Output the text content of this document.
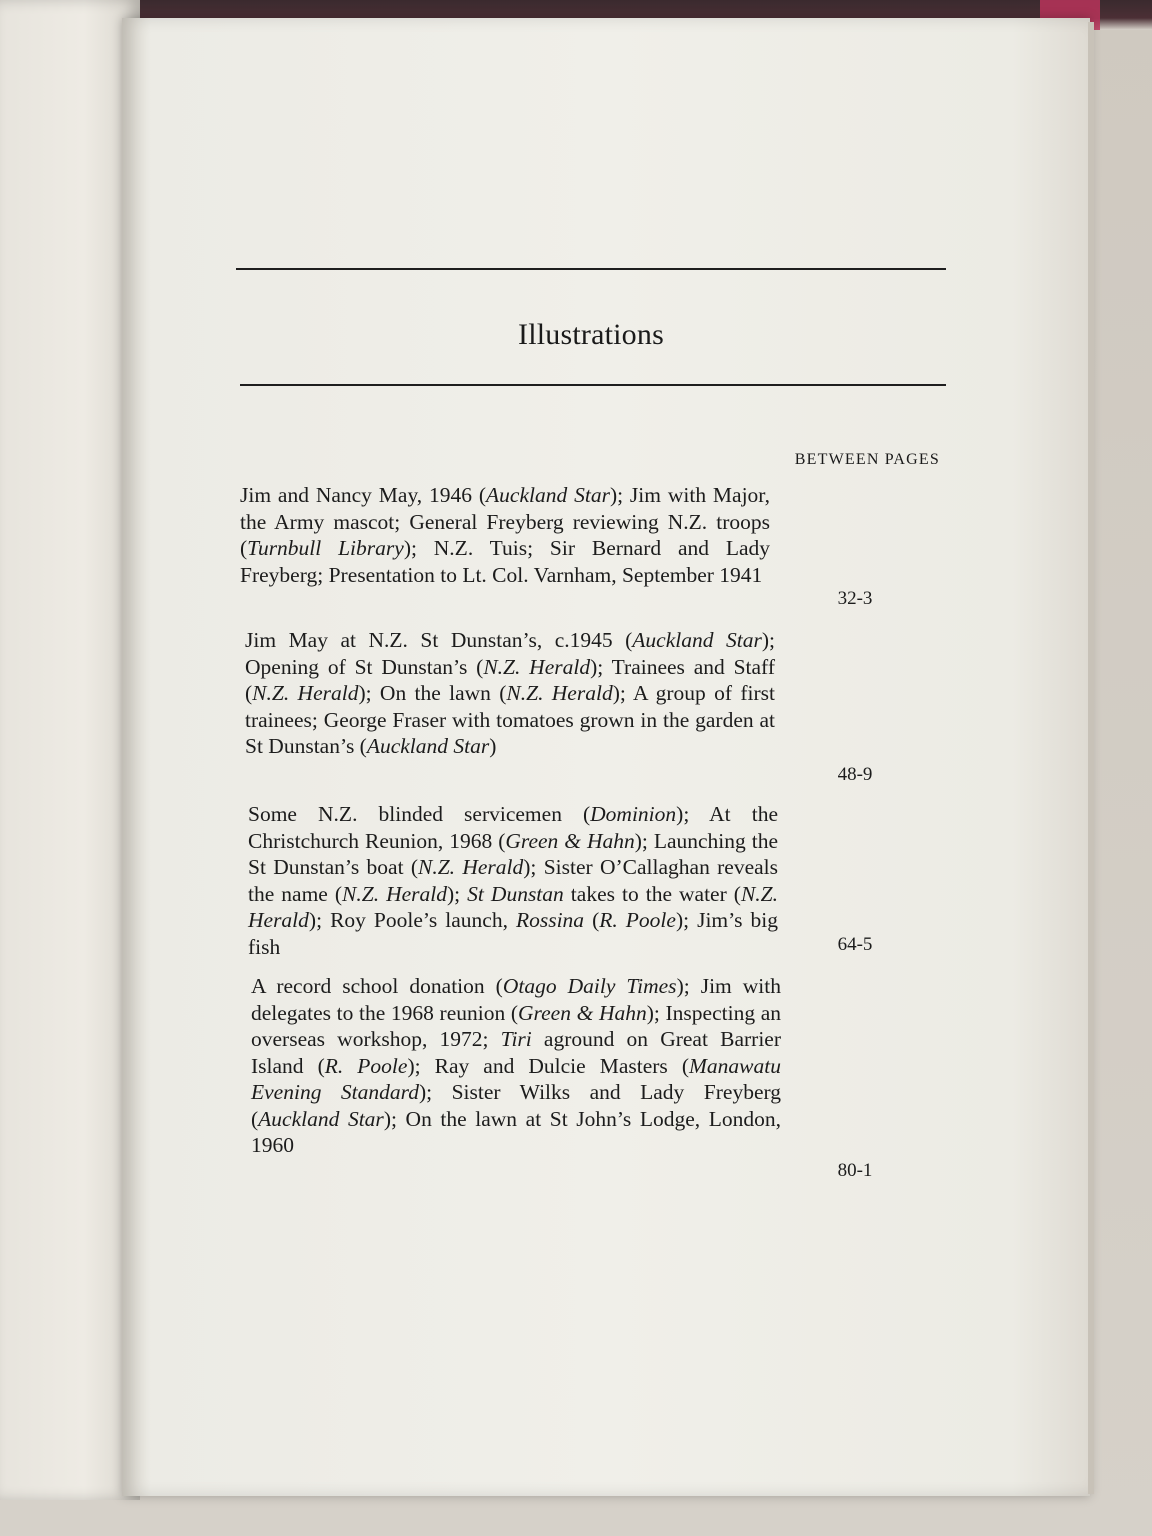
Illustrations
BETWEEN PAGES
Jim and Nancy May, 1946 (Auckland Star); Jim with Major, the Army mascot; General Freyberg reviewing N.Z. troops (Turnbull Library); N.Z. Tuis; Sir Bernard and Lady Freyberg; Presentation to Lt. Col. Varnham, September 1941
32-3
Jim May at N.Z. St Dunstan’s, c.1945 (Auckland Star); Opening of St Dunstan’s (N.Z. Herald); Trainees and Staff (N.Z. Herald); On the lawn (N.Z. Herald); A group of first trainees; George Fraser with tomatoes grown in the garden at St Dunstan’s (Auckland Star)
48-9
Some N.Z. blinded servicemen (Dominion); At the Christchurch Reunion, 1968 (Green & Hahn); Launching the St Dunstan’s boat (N.Z. Herald); Sister O’Callaghan reveals the name (N.Z. Herald); St Dunstan takes to the water (N.Z. Herald); Roy Poole’s launch, Rossina (R. Poole); Jim’s big fish	64-5
A record school donation (Otago Daily Times); Jim with delegates to the 1968 reunion (Green & Hahn); Inspecting an overseas workshop, 1972; Tiri aground on Great Barrier Island (R. Poole); Ray and Dulcie Masters (Manawatu Evening Standard); Sister Wilks and Lady Freyberg (Auckland Star); On the lawn at St John’s Lodge, London, 1960
80-1
